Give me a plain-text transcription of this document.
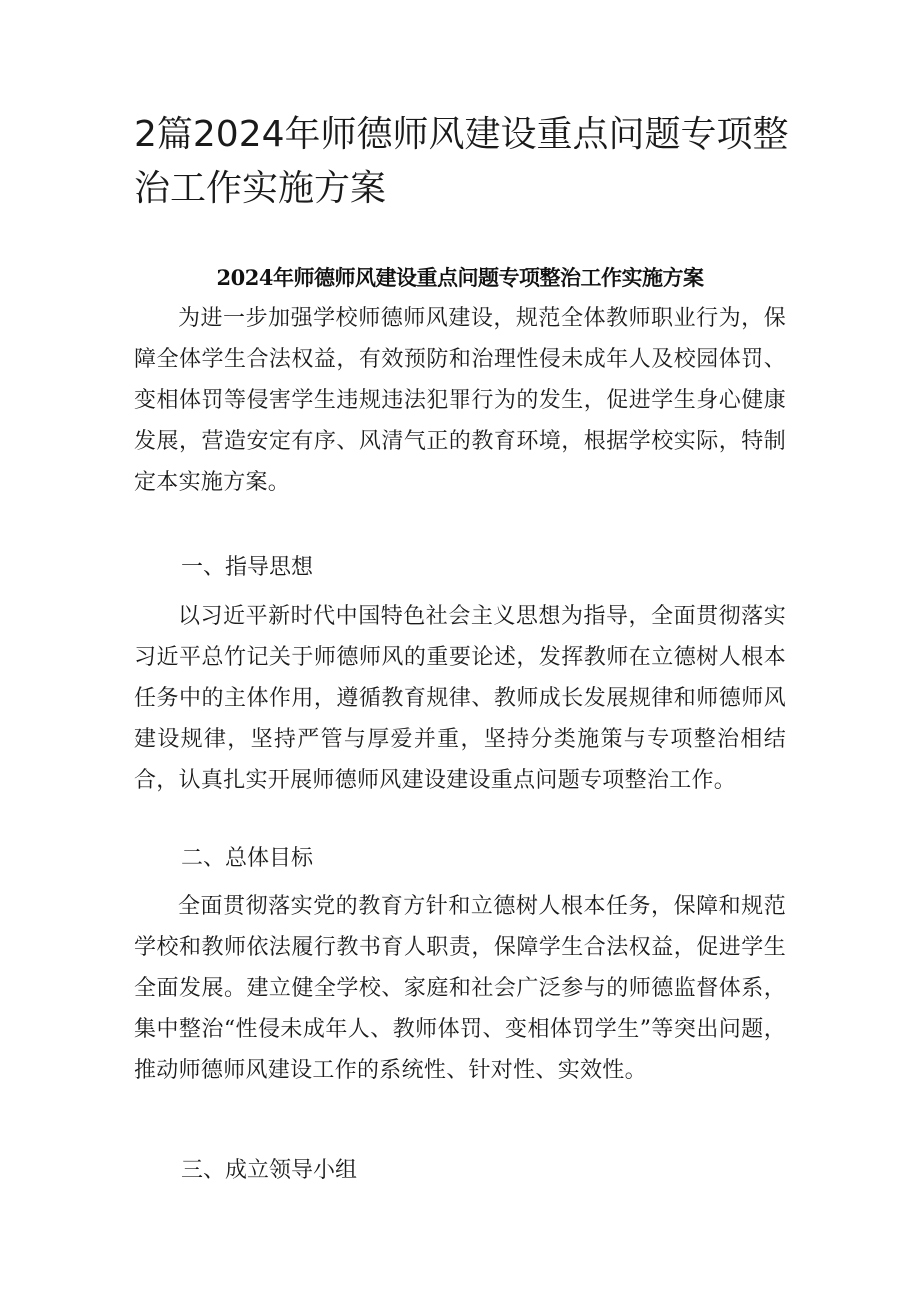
2篇2024年师德师风建设重点问题专项整治工作实施方案
2024年师德师风建设重点问题专项整治工作实施方案

为进一步加强学校师德师风建设，规范全体教师职业行为，保障全体学生合法权益，有效预防和治理性侵未成年人及校园体罚、变相体罚等侵害学生违规违法犯罪行为的发生，促进学生身心健康发展，营造安定有序、风清气正的教育环境，根据学校实际，特制定本实施方案。

一、指导思想

以习近平新时代中国特色社会主义思想为指导，全面贯彻落实习近平总竹记关于师德师风的重要论述，发挥教师在立德树人根本任务中的主体作用，遵循教育规律、教师成长发展规律和师德师风建设规律，坚持严管与厚爱并重，坚持分类施策与专项整治相结合，认真扎实开展师德师风建设建设重点问题专项整治工作。

二、总体目标

全面贯彻落实党的教育方针和立德树人根本任务，保障和规范学校和教师依法履行教书育人职责，保障学生合法权益，促进学生全面发展。建立健全学校、家庭和社会广泛参与的师德监督体系，集中整治“性侵未成年人、教师体罚、变相体罚学生”等突出问题，推动师德师风建设工作的系统性、针对性、实效性。

三、成立领导小组
